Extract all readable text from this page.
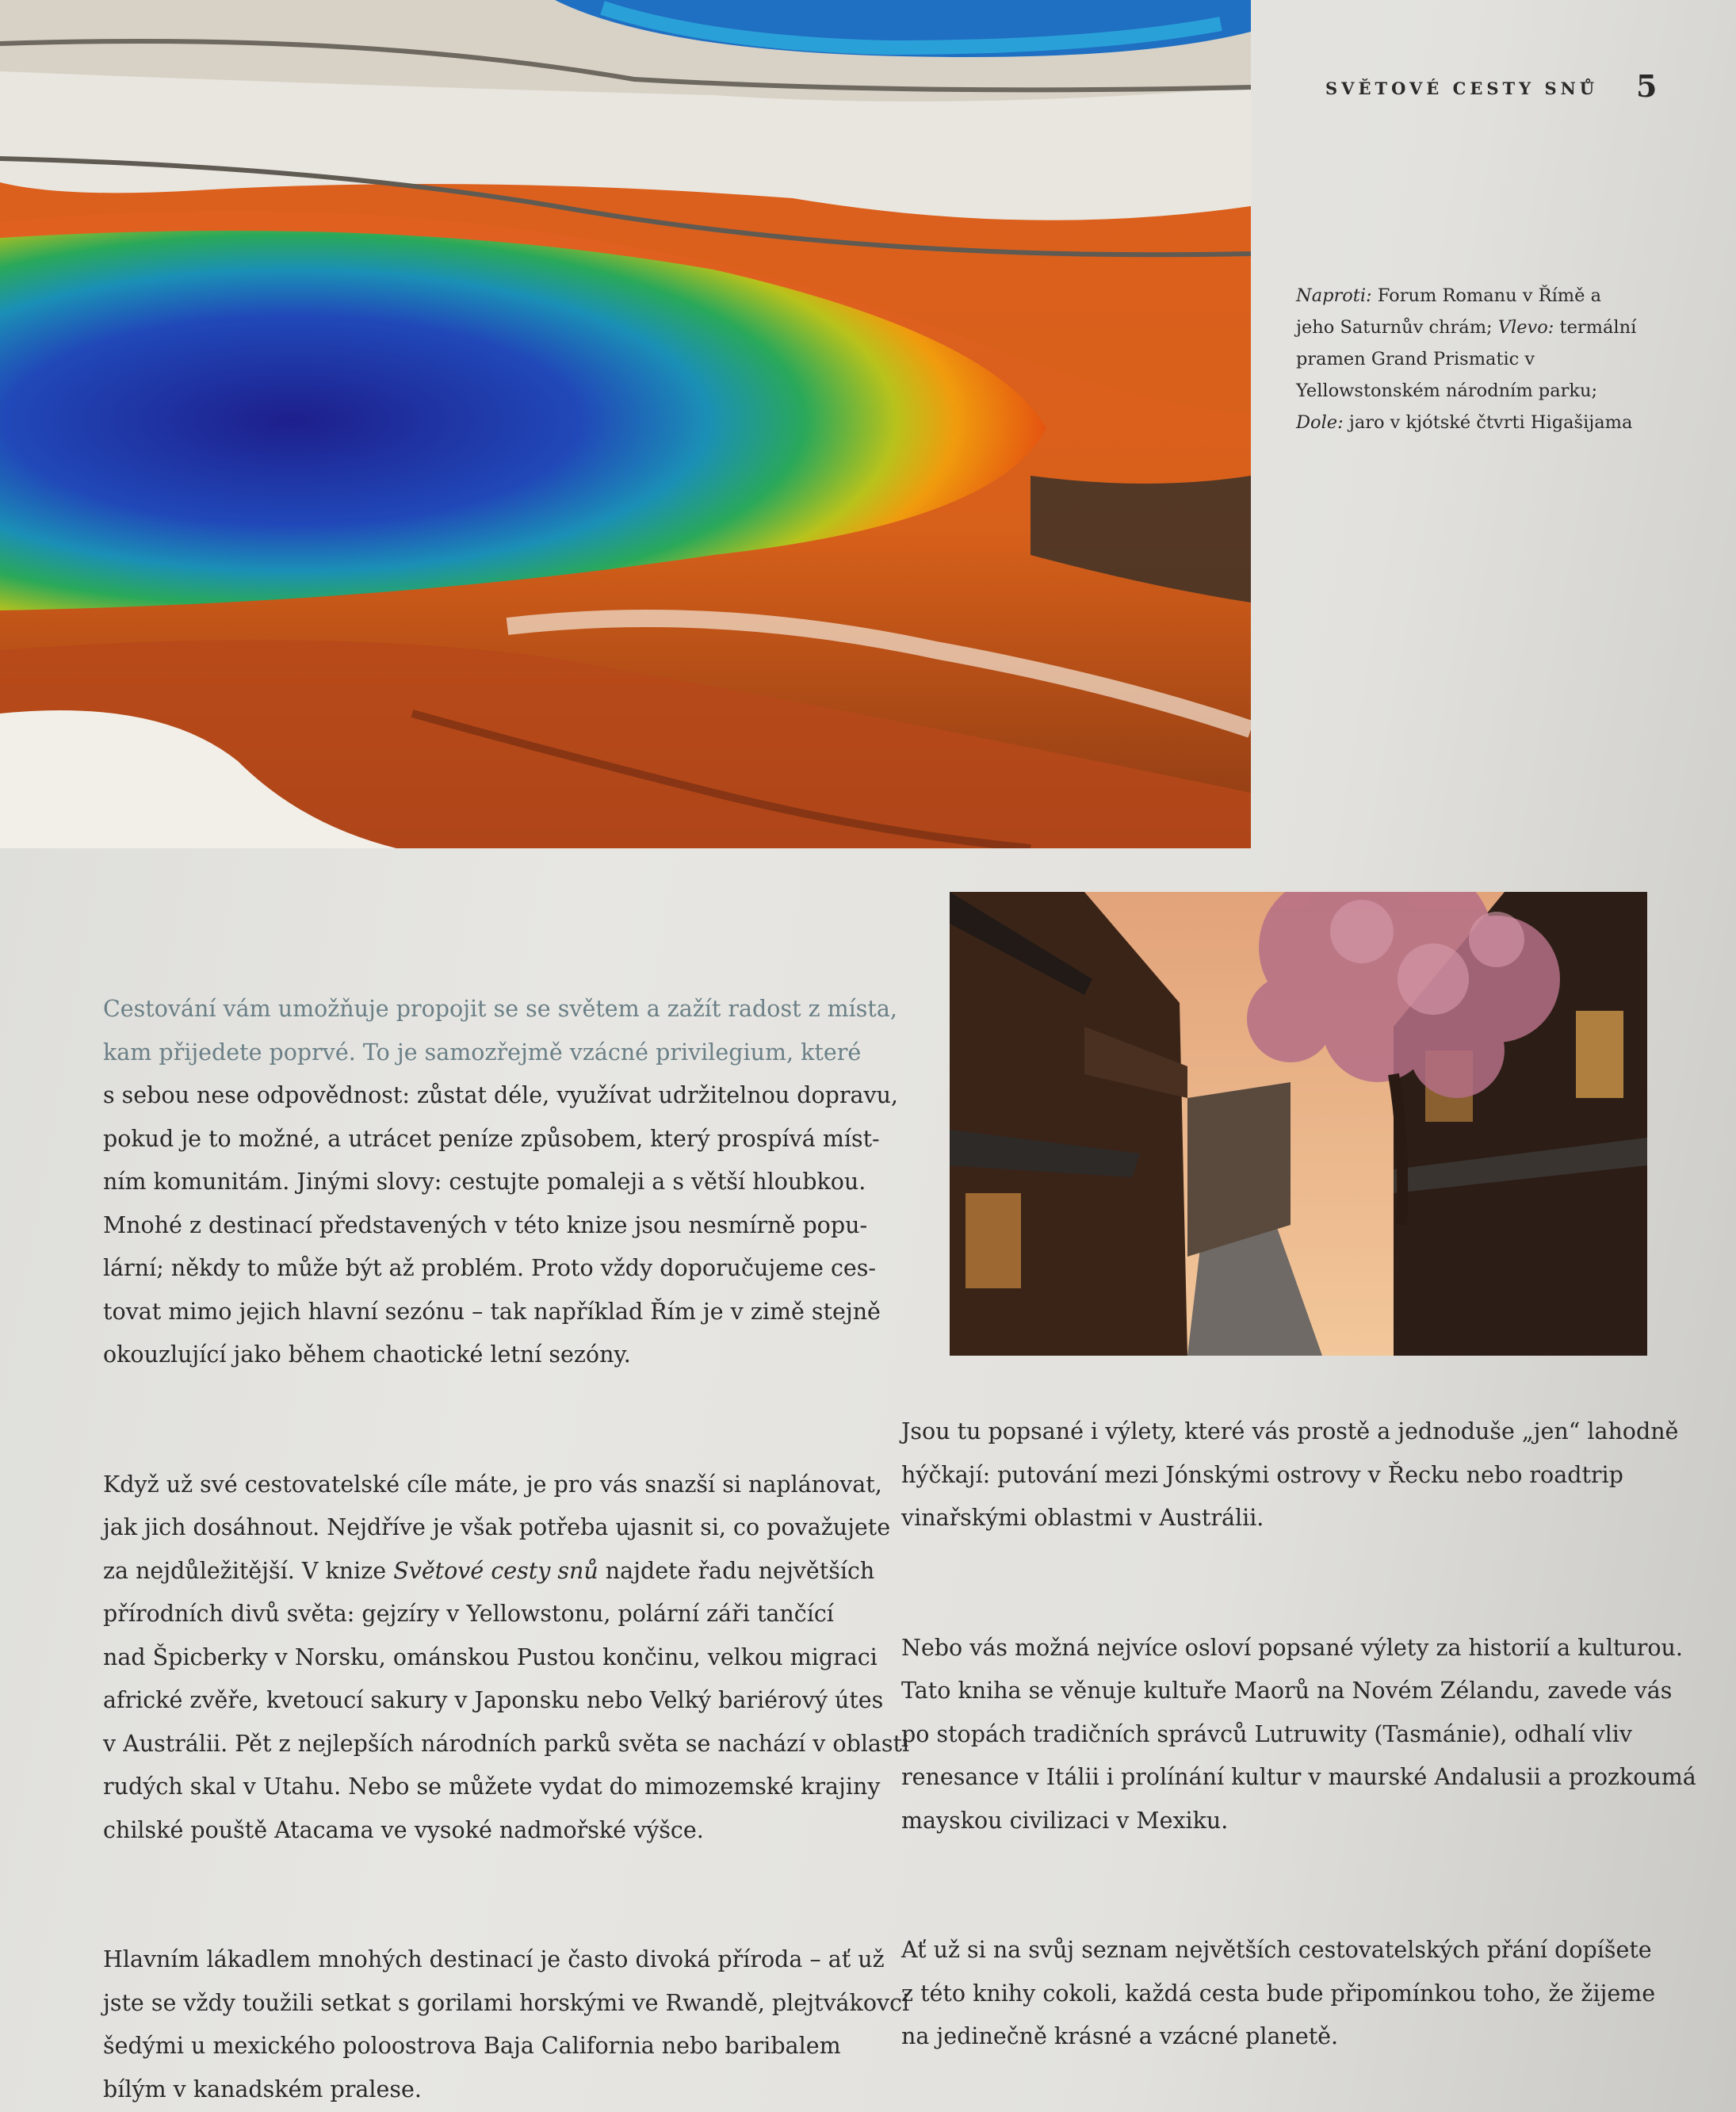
SVĚTOVÉ CESTY SNŮ 5
Naproti: Forum Romanu v Římě a jeho Saturnův chrám; Vlevo: termální pramen Grand Prismatic v Yellowstonském národním parku; Dole: jaro v kjótské čtvrti Higašijama

Cestování vám umožňuje propojit se se světem a zažít radost z místa,

kam přijedete poprvé. To je samozřejmě vzácné privilegium, které

s sebou nese odpovědnost: zůstat déle, využívat udržitelnou dopravu,

pokud je to možné, a utrácet peníze způsobem, který prospívá míst-

ním komunitám. Jinými slovy: cestujte pomaleji a s větší hloubkou.

Mnohé z destinací představených v této knize jsou nesmírně popu-

lární; někdy to může být až problém. Proto vždy doporučujeme ces-

tovat mimo jejich hlavní sezónu – tak například Řím je v zimě stejně

okouzlující jako během chaotické letní sezóny.

Když už své cestovatelské cíle máte, je pro vás snazší si naplánovat,

jak jich dosáhnout. Nejdříve je však potřeba ujasnit si, co považujete

za nejdůležitější. V knize Světové cesty snů najdete řadu největších

přírodních divů světa: gejzíry v Yellowstonu, polární záři tančící

nad Špicberky v Norsku, ománskou Pustou končinu, velkou migraci

africké zvěře, kvetoucí sakury v Japonsku nebo Velký bariérový útes

v Austrálii. Pět z nejlepších národních parků světa se nachází v oblasti

rudých skal v Utahu. Nebo se můžete vydat do mimozemské krajiny

chilské pouště Atacama ve vysoké nadmořské výšce.

Hlavním lákadlem mnohých destinací je často divoká příroda – ať už

jste se vždy toužili setkat s gorilami horskými ve Rwandě, plejtvákovci

šedými u mexického poloostrova Baja California nebo baribalem

bílým v kanadském pralese.

Jsou tu popsané i výlety, které vás prostě a jednoduše „jen“ lahodně

hýčkají: putování mezi Jónskými ostrovy v Řecku nebo roadtrip

vinařskými oblastmi v Austrálii.

Nebo vás možná nejvíce osloví popsané výlety za historií a kulturou.

Tato kniha se věnuje kultuře Maorů na Novém Zélandu, zavede vás

po stopách tradičních správců Lutruwity (Tasmánie), odhalí vliv

renesance v Itálii i prolínání kultur v maurské Andalusii a prozkoumá

mayskou civilizaci v Mexiku.

Ať už si na svůj seznam největších cestovatelských přání dopíšete

z této knihy cokoli, každá cesta bude připomínkou toho, že žijeme

na jedinečně krásné a vzácné planetě.
